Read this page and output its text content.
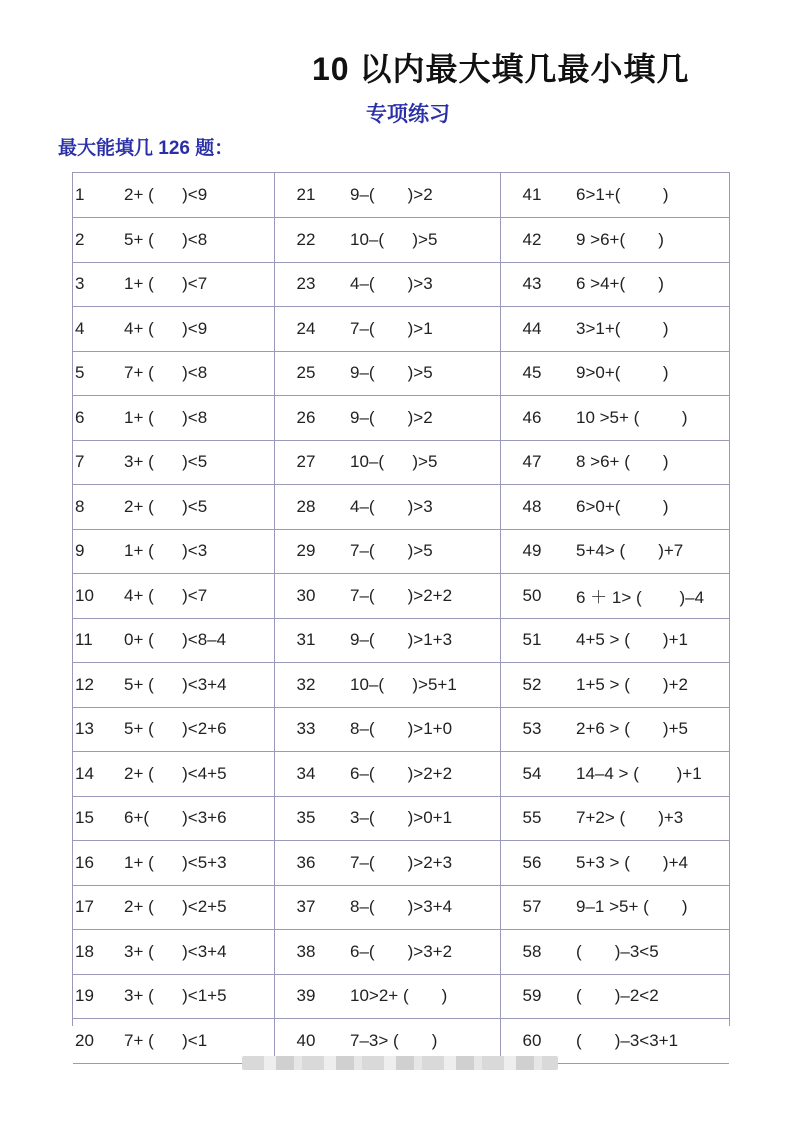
10 以内最大填几最小填几
专项练习
最大能填几 126 题：
1	2+ (      )<9	21	9–(       )>2	41	6>1+(         )
2	5+ (      )<8	22	10–(      )>5	42	9 >6+(       )
3	1+ (      )<7	23	4–(       )>3	43	6 >4+(       )
4	4+ (      )<9	24	7–(       )>1	44	3>1+(         )
5	7+ (      )<8	25	9–(       )>5	45	9>0+(         )
6	1+ (      )<8	26	9–(       )>2	46	10 >5+ (         )
7	3+ (      )<5	27	10–(      )>5	47	8 >6+ (       )
8	2+ (      )<5	28	4–(       )>3	48	6>0+(         )
9	1+ (      )<3	29	7–(       )>5	49	5+4> (       )+7
10	4+ (      )<7	30	7–(       )>2+2	50	6 ＋ 1> (        )–4
11	0+ (      )<8–4	31	9–(       )>1+3	51	4+5 > (       )+1
12	5+ (      )<3+4	32	10–(      )>5+1	52	1+5 > (       )+2
13	5+ (      )<2+6	33	8–(       )>1+0	53	2+6 > (       )+5
14	2+ (      )<4+5	34	6–(       )>2+2	54	14–4 > (        )+1
15	6+(       )<3+6	35	3–(       )>0+1	55	7+2> (       )+3
16	1+ (      )<5+3	36	7–(       )>2+3	56	5+3 > (       )+4
17	2+ (      )<2+5	37	8–(       )>3+4	57	9–1 >5+ (       )
18	3+ (      )<3+4	38	6–(       )>3+2	58	(       )–3<5
19	3+ (      )<1+5	39	10>2+ (       )	59	(       )–2<2
20	7+ (      )<1	40	7–3> (       )	60	(       )–3<3+1
